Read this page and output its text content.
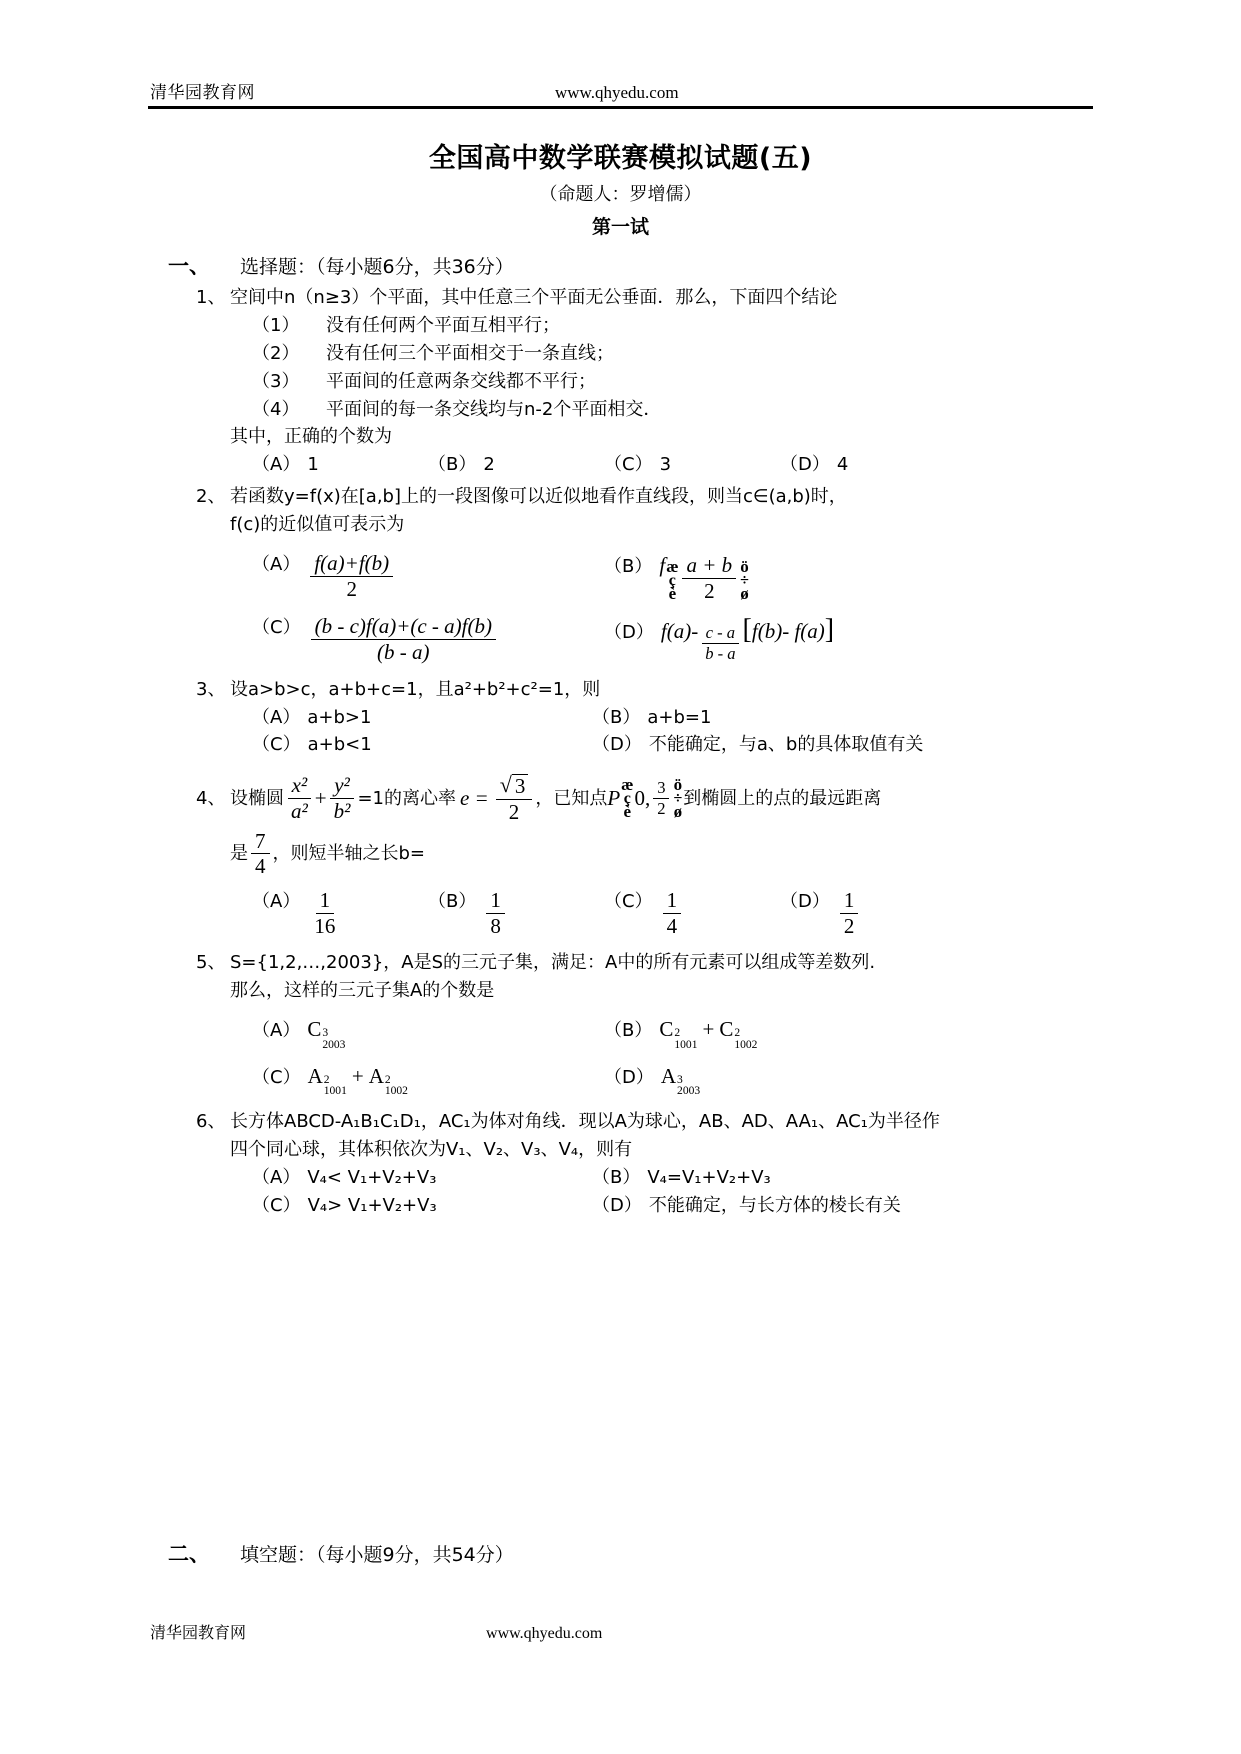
清华园教育网	www.qhyedu.com
全国高中数学联赛模拟试题(五)
（命题人：罗增儒）
第一试
一、	选择题：（每小题6分，共36分）
1、 空间中n（n≥3）个平面，其中任意三个平面无公垂面．那么，下面四个结论
（1）	没有任何两个平面互相平行；
（2）	没有任何三个平面相交于一条直线；
（3）	平面间的任意两条交线都不平行；
（4）	平面间的每一条交线均与n-2个平面相交．
其中，正确的个数为
（A） 1	（B） 2	（C） 3	（D） 4
2、 若函数y=f(x)在[a,b]上的一段图像可以近似地看作直线段，则当c∈(a,b)时，
f(c)的近似值可表示为
$(A) \frac{f(a)+f(b)}{2}$	（B） f æ
ç
è $\frac{a + b}{2}$ ö
÷
ø
$(C) \frac{(b - c)f(a)+(c - a)f(b)}{(b - a)}$	（D） $f(a)- \frac{c - a}{b - a}$ [ f(b)- f(a) ]
3、 设a>b>c，a+b+c=1，且a²+b²+c²=1，则
（A） a+b>1	（B） a+b=1
（C） a+b<1	（D） 不能确定，与a、b的具体取值有关
4、 设椭圆 $\frac{\text{x²}}{\text{a²}} + \frac{\text{y²}}{\text{b²}} =1$的离心率 $e = \frac{√ 3}{2}$ ，已知点 P
æ
ç
è
0, $\frac{3}{2}$ ö
÷
ø
到椭圆上的点的最远距离
是 $\frac{7}{4}$ ，则短半轴之长b=
$(A) \frac{1}{16}$	$(B) \frac{1}{8}$	$(C) \frac{1}{4}$	$(D) \frac{1}{2}$
5、 S={1,2,…,2003}，A是S的三元子集，满足：A中的所有元素可以组成等差数列.
那么，这样的三元子集A的个数是
（A） C 3
2003
（B） C 2
1001
+ C 2
1002
（C） A 2
1001
+ A 2
1002
（D） A 3
2003
6、 长方体ABCD-A₁B₁C₁D₁，AC₁为体对角线．现以A为球心，AB、AD、AA₁、AC₁为半径作
四个同心球，其体积依次为V₁、V₂、V₃、V₄，则有
（A） V₄< V₁+V₂+V₃	（B） V₄=V₁+V₂+V₃
（C） V₄> V₁+V₂+V₃	（D） 不能确定，与长方体的棱长有关
二、	填空题：（每小题9分，共54分）
清华园教育网	www.qhyedu.com
